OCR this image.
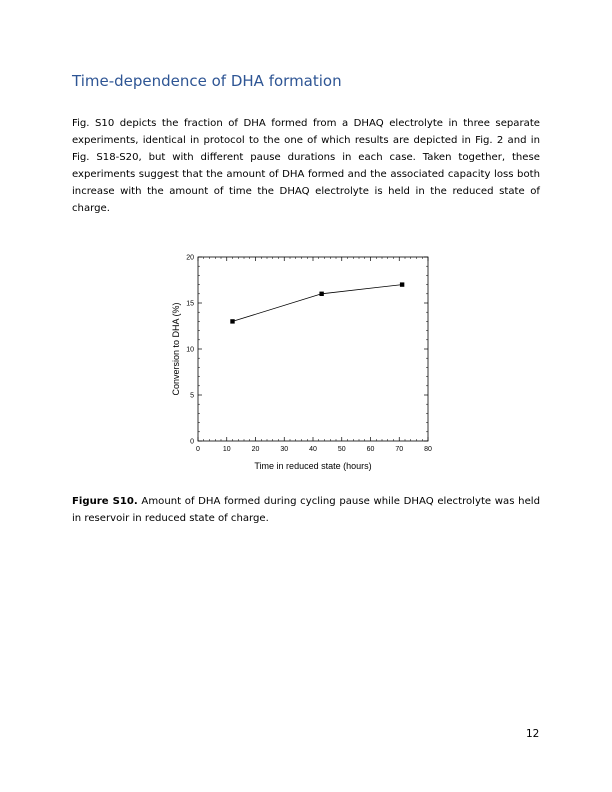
Time-dependence of DHA formation

Fig. S10 depicts the fraction of DHA formed from a DHAQ electrolyte in three separate experiments, identical in protocol to the one of which results are depicted in Fig. 2 and in Fig. S18-S20, but with different pause durations in each case. Taken together, these experiments suggest that the amount of DHA formed and the associated capacity loss both increase with the amount of time the DHAQ electrolyte is held in the reduced state of charge.

0	10	20	30	40	50	60	70	80
0
5
10
15
20
Time in reduced state (hours)
Conversion to DHA (%)

Figure S10. Amount of DHA formed during cycling pause while DHAQ electrolyte was held in reservoir in reduced state of charge.

12
